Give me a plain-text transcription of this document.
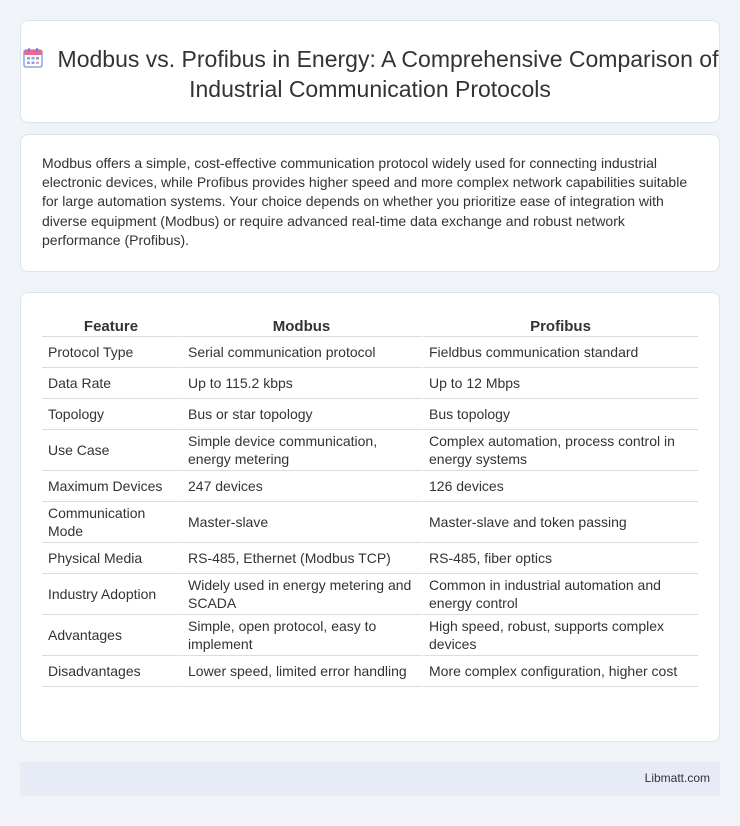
Modbus vs. Profibus in Energy: A Comprehensive Comparison of Industrial Communication Protocols

Modbus offers a simple, cost-effective communication protocol widely used for connecting industrial electronic devices, while Profibus provides higher speed and more complex network capabilities suitable for large automation systems. Your choice depends on whether you prioritize ease of integration with diverse equipment (Modbus) or require advanced real-time data exchange and robust network performance (Profibus).

Feature	Modbus	Profibus
Protocol Type	Serial communication protocol	Fieldbus communication standard
Data Rate	Up to 115.2 kbps	Up to 12 Mbps
Topology	Bus or star topology	Bus topology
Use Case	Simple device communication, energy metering	Complex automation, process control in energy systems
Maximum Devices	247 devices	126 devices
Communication Mode	Master-slave	Master-slave and token passing
Physical Media	RS-485, Ethernet (Modbus TCP)	RS-485, fiber optics
Industry Adoption	Widely used in energy metering and SCADA	Common in industrial automation and energy control
Advantages	Simple, open protocol, easy to implement	High speed, robust, supports complex devices
Disadvantages	Lower speed, limited error handling	More complex configuration, higher cost
Libmatt.com
